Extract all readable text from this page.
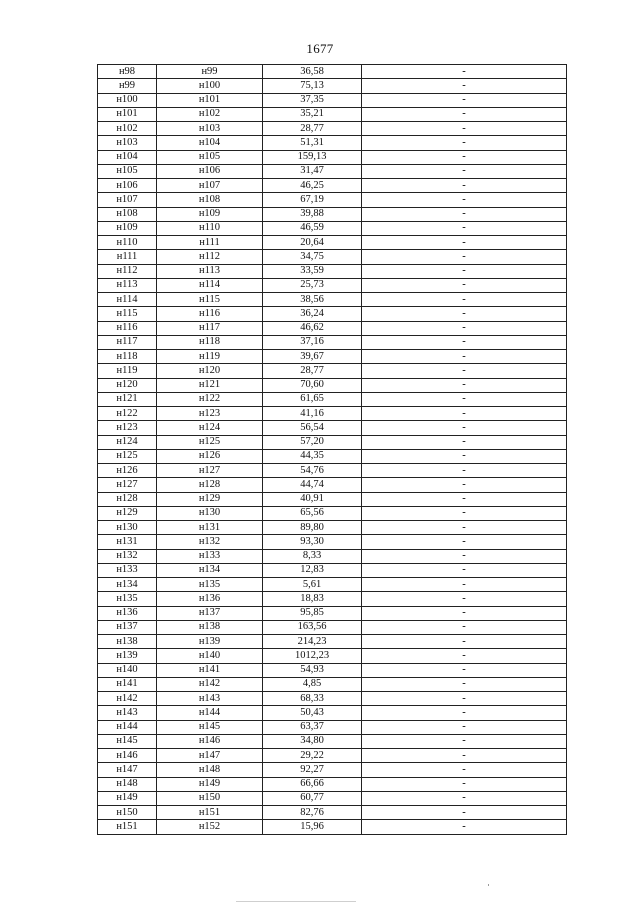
1677
н98	н99	36,58	-
н99	н100	75,13	-
н100	н101	37,35	-
н101	н102	35,21	-
н102	н103	28,77	-
н103	н104	51,31	-
н104	н105	159,13	-
н105	н106	31,47	-
н106	н107	46,25	-
н107	н108	67,19	-
н108	н109	39,88	-
н109	н110	46,59	-
н110	н111	20,64	-
н111	н112	34,75	-
н112	н113	33,59	-
н113	н114	25,73	-
н114	н115	38,56	-
н115	н116	36,24	-
н116	н117	46,62	-
н117	н118	37,16	-
н118	н119	39,67	-
н119	н120	28,77	-
н120	н121	70,60	-
н121	н122	61,65	-
н122	н123	41,16	-
н123	н124	56,54	-
н124	н125	57,20	-
н125	н126	44,35	-
н126	н127	54,76	-
н127	н128	44,74	-
н128	н129	40,91	-
н129	н130	65,56	-
н130	н131	89,80	-
н131	н132	93,30	-
н132	н133	8,33	-
н133	н134	12,83	-
н134	н135	5,61	-
н135	н136	18,83	-
н136	н137	95,85	-
н137	н138	163,56	-
н138	н139	214,23	-
н139	н140	1012,23	-
н140	н141	54,93	-
н141	н142	4,85	-
н142	н143	68,33	-
н143	н144	50,43	-
н144	н145	63,37	-
н145	н146	34,80	-
н146	н147	29,22	-
н147	н148	92,27	-
н148	н149	66,66	-
н149	н150	60,77	-
н150	н151	82,76	-
н151	н152	15,96	-
